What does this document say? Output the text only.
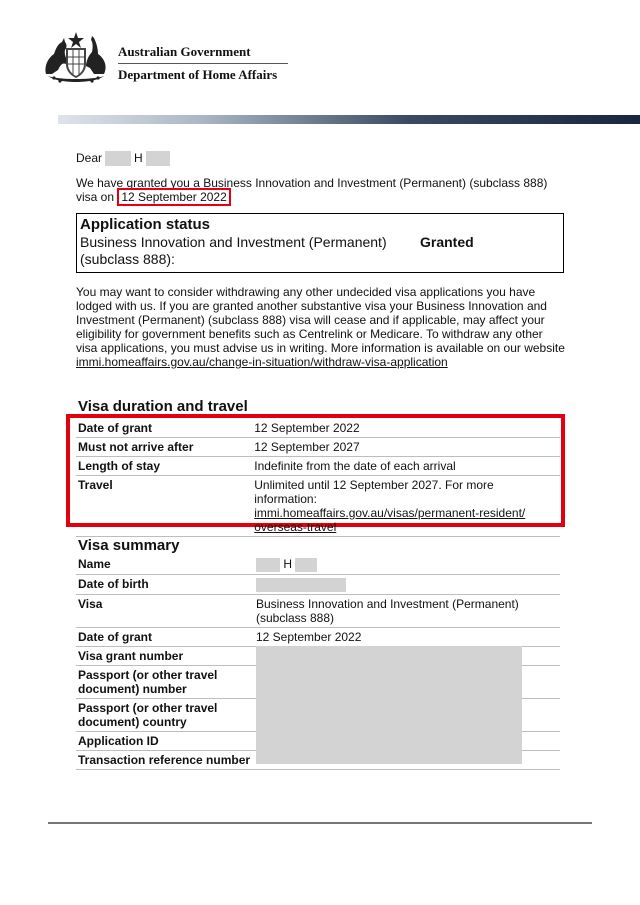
Australian Government
Department of Home Affairs
Dear	H
We have granted you a Business Innovation and Investment (Permanent) (subclass 888) visa on 12 September 2022
Application status
Business Innovation and Investment (Permanent) (subclass 888):
Granted
You may want to consider withdrawing any other undecided visa applications you have lodged with us. If you are granted another substantive visa your Business Innovation and Investment (Permanent) (subclass 888) visa will cease and if applicable, may affect your eligibility for government benefits such as Centrelink or Medicare. To withdraw any other visa applications, you must advise us in writing. More information is available on our website immi.homeaffairs.gov.au/change-in-situation/withdraw-visa-application
Visa duration and travel
Date of grant	12 September 2022
Must not arrive after	12 September 2027
Length of stay	Indefinite from the date of each arrival
Travel	Unlimited until 12 September 2027. For more information:
immi.homeaffairs.gov.au/visas/permanent-resident/ overseas-travel
Visa summary
Name	H
Date of birth	
Visa	Business Innovation and Investment (Permanent) (subclass 888)
Date of grant	12 September 2022
Visa grant number	
Passport (or other travel document) number	
Passport (or other travel document) country	
Application ID	
Transaction reference number	
